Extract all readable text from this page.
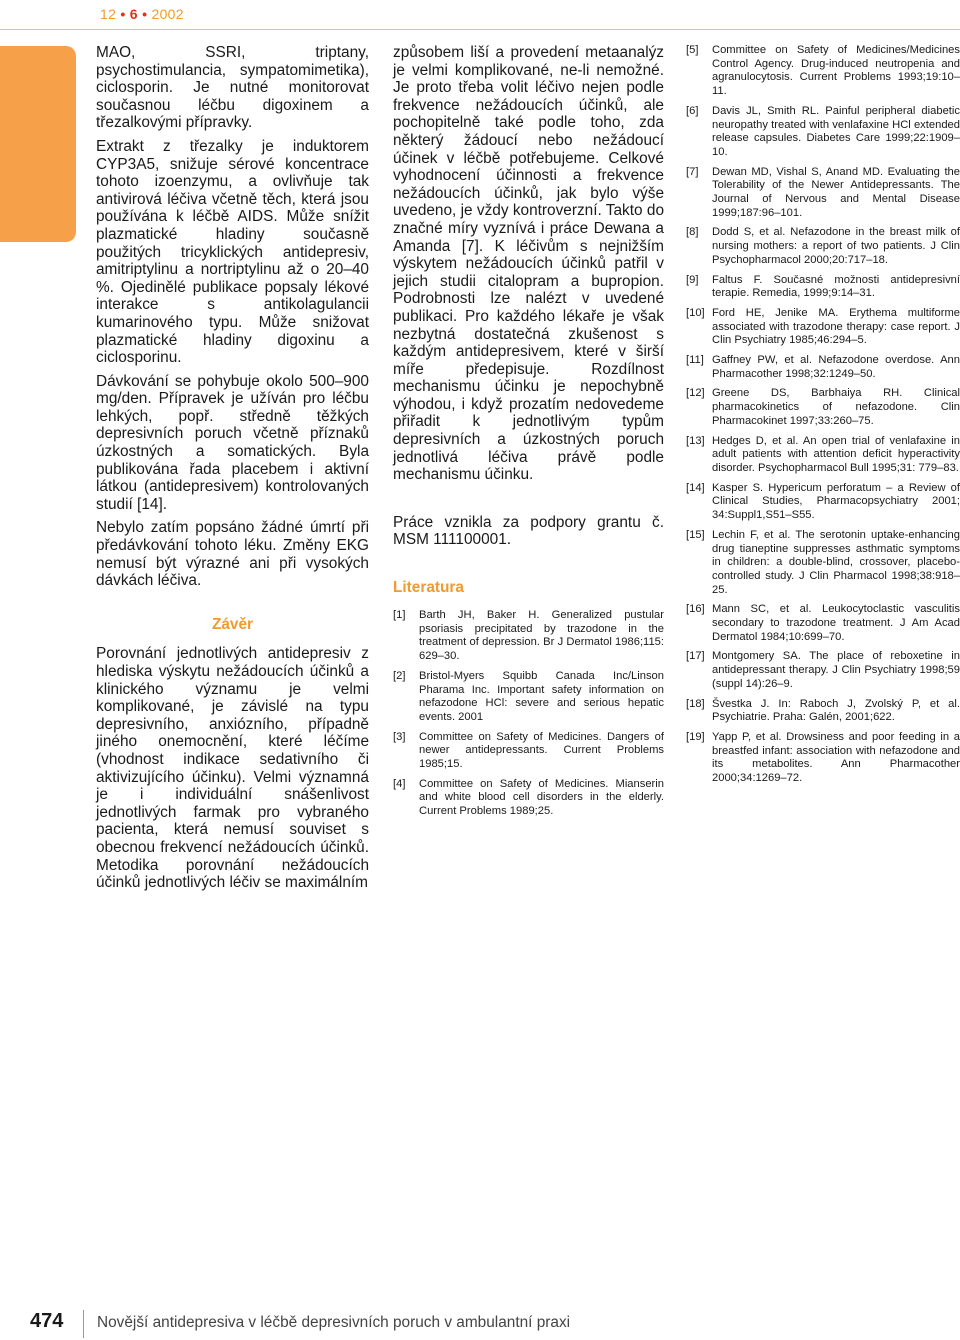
12 • 6 • 2002

MAO, SSRI, triptany, psychostimulancia, sympatomimetika), ciclosporin. Je nutné monitorovat současnou léčbu digoxinem a třezalkovými přípravky.

Extrakt z třezalky je induktorem CYP3A5, snižuje sérové koncentrace tohoto izoenzymu, a ovlivňuje tak antivirová léčiva včetně těch, která jsou používána k léčbě AIDS. Může snížit plazmatické hladiny současně použitých tricyklických antidepresiv, amitriptylinu a nortriptylinu až o 20–40 %. Ojedinělé publikace popsaly lékové interakce s antikolagulancii kumarinového typu. Může snižovat plazmatické hladiny digoxinu a ciclosporinu.

Dávkování se pohybuje okolo 500–900 mg/den. Přípravek je užíván pro léčbu lehkých, popř. středně těžkých depresivních poruch včetně příznaků úzkostných a somatických. Byla publikována řada placebem i aktivní látkou (antidepresivem) kontrolovaných studií [14].

Nebylo zatím popsáno žádné úmrtí při předávkování tohoto léku. Změny EKG nemusí být výrazné ani při vysokých dávkách léčiva.

Závěr

Porovnání jednotlivých antidepresiv z hlediska výskytu nežádoucích účinků a klinického významu je velmi komplikované, je závislé na typu depresivního, anxiózního, případně jiného onemocnění, které léčíme (vhodnost indikace sedativního či aktivizujícího účinku). Velmi významná je i individuální snášenlivost jednotlivých farmak pro vybraného pacienta, která nemusí souviset s obecnou frekvencí nežádoucích účinků. Metodika porovnání nežádoucích účinků jednotlivých léčiv se maximálním

způsobem liší a provedení metaanalýz je velmi komplikované, ne-li nemožné. Je proto třeba volit léčivo nejen podle frekvence nežádoucích účinků, ale pochopitelně také podle toho, zda některý žádoucí nebo nežádoucí účinek v léčbě potřebujeme. Celkové vyhodnocení účinnosti a frekvence nežádoucích účinků, jak bylo výše uvedeno, je vždy kontroverzní. Takto do značné míry vyznívá i práce Dewana a Amanda [7]. K léčivům s nejnižším výskytem nežádoucích účinků patřil v jejich studii citalopram a bupropion. Podrobnosti lze nalézt v uvedené publikaci. Pro každého lékaře je však nezbytná dostatečná zkušenost s každým antidepresivem, které v širší míře předepisuje. Rozdílnost mechanismu účinku je nepochybně výhodou, i když prozatím nedovedeme přiřadit k jednotlivým typům depresivních a úzkostných poruch jednotlivá léčiva právě podle mechanismu účinku.

Práce vznikla za podpory grantu č. MSM 111100001.

Literatura
[1]	Barth JH, Baker H. Generalized pustular psoriasis precipitated by trazodone in the treatment of depression. Br J Dermatol 1986;115: 629–30.
[2]	Bristol-Myers Squibb Canada Inc/Linson Pharama Inc. Important safety information on nefazodone HCl: severe and serious hepatic events. 2001
[3]	Committee on Safety of Medicines. Dangers of newer antidepressants. Current Problems 1985;15.
[4]	Committee on Safety of Medicines. Mianserin and white blood cell disorders in the elderly. Current Problems 1989;25.
[5]	Committee on Safety of Medicines/Medicines Control Agency. Drug-induced neutropenia and agranulocytosis. Current Problems 1993;19:10–11.
[6]	Davis JL, Smith RL. Painful peripheral diabetic neuropathy treated with venlafaxine HCl extended release capsules. Diabetes Care 1999;22:1909–10.
[7]	Dewan MD, Vishal S, Anand MD. Evaluating the Tolerability of the Newer Antidepressants. The Journal of Nervous and Mental Disease 1999;187:96–101.
[8]	Dodd S, et al. Nefazodone in the breast milk of nursing mothers: a report of two patients. J Clin Psychopharmacol 2000;20:717–18.
[9]	Faltus F. Současné možnosti antidepresivní terapie. Remedia, 1999;9:14–31.
[10] Ford HE, Jenike MA. Erythema multiforme associated with trazodone therapy: case report. J Clin Psychiatry 1985;46:294–5.
[11] Gaffney PW, et al. Nefazodone overdose. Ann Pharmacother 1998;32:1249–50.
[12] Greene DS, Barbhaiya RH. Clinical pharmacokinetics of nefazodone. Clin Pharmacokinet 1997;33:260–75.
[13] Hedges D, et al. An open trial of venlafaxine in adult patients with attention deficit hyperactivity disorder. Psychopharmacol Bull 1995;31: 779–83.
[14] Kasper S. Hypericum perforatum – a Review of Clinical Studies, Pharmacopsychiatry 2001; 34:Suppl1,S51–S55.
[15] Lechin F, et al. The serotonin uptake-enhancing drug tianeptine suppresses asthmatic symptoms in children: a double-blind, crossover, placebo-controlled study. J Clin Pharmacol 1998;38:918–25.
[16] Mann SC, et al. Leukocytoclastic vasculitis secondary to trazodone treatment. J Am Acad Dermatol 1984;10:699–70.
[17] Montgomery SA. The place of reboxetine in antidepressant therapy. J Clin Psychiatry 1998;59 (suppl 14):26–9.
[18] Švestka J. In: Raboch J, Zvolský P, et al. Psychiatrie. Praha: Galén, 2001;622.
[19] Yapp P, et al. Drowsiness and poor feeding in a breastfed infant: association with nefazodone and its metabolites. Ann Pharmacother 2000;34:1269–72.
474 Novější antidepresiva v léčbě depresivních poruch v ambulantní praxi
